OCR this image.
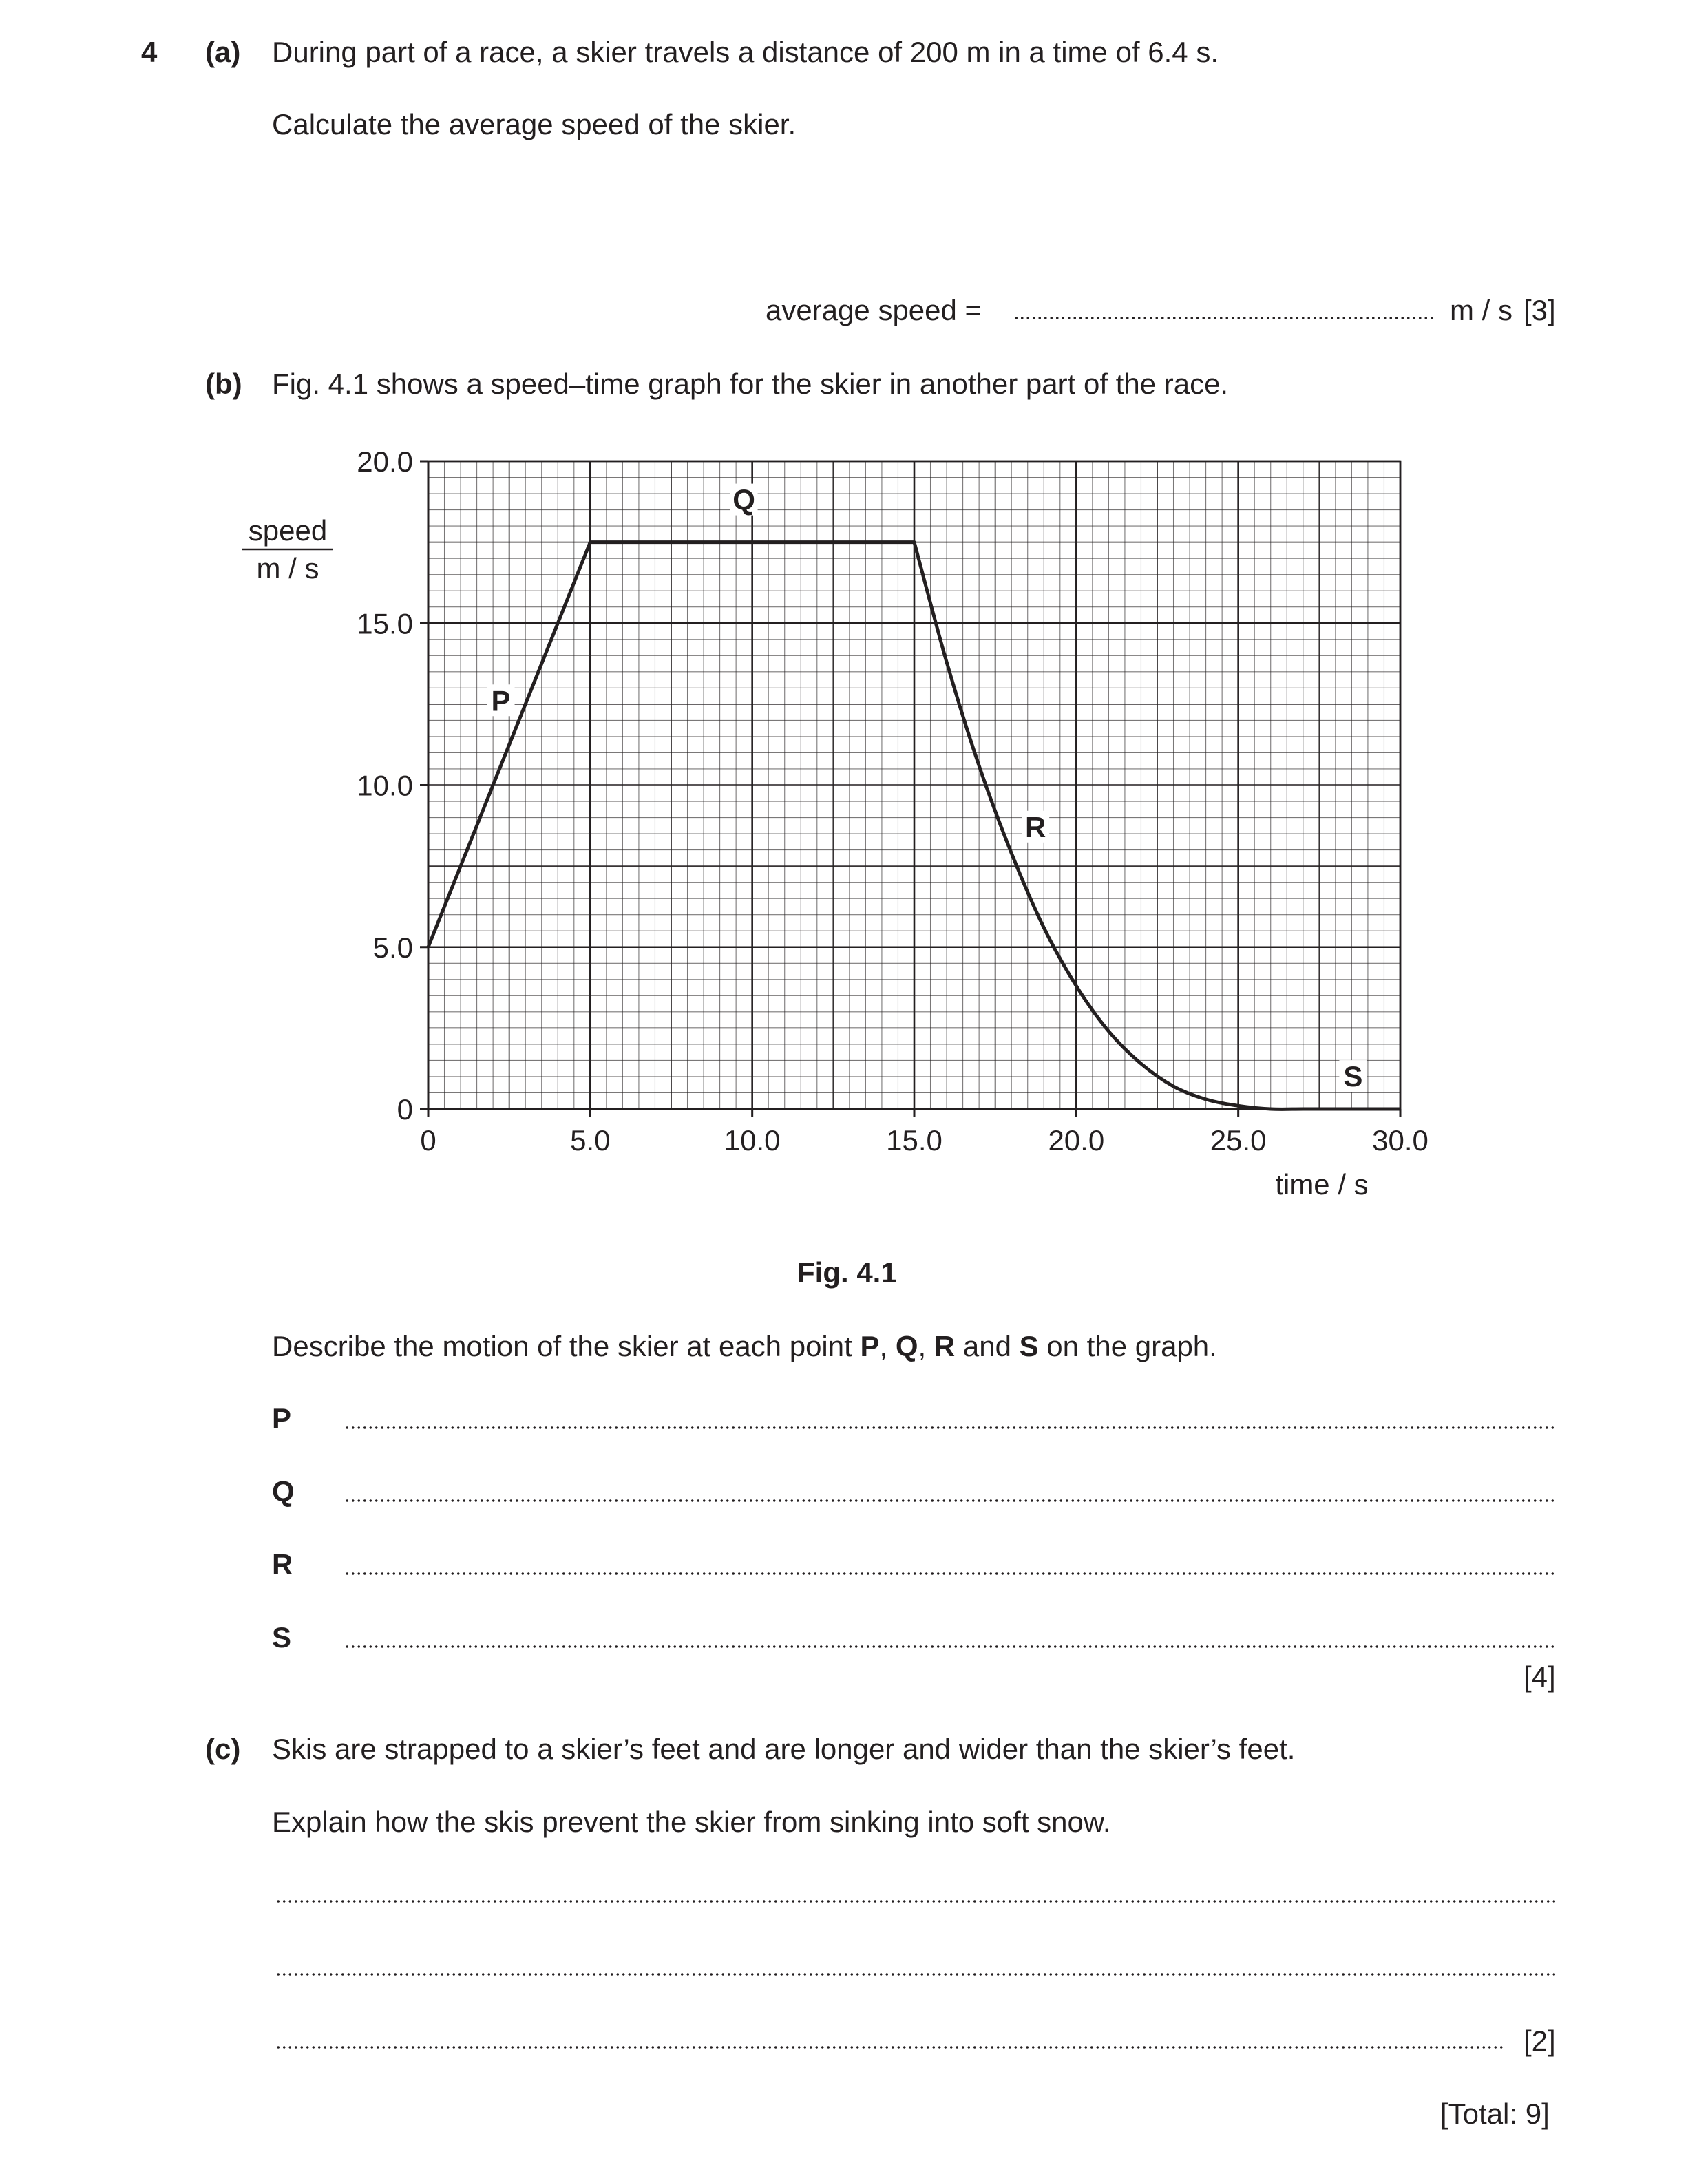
4 (a) During part of a race, a skier travels a distance of 200 m in a time of 6.4 s.
Calculate the average speed of the skier.
average speed =	m / s [3]
(b) Fig. 4.1 shows a speed–time graph for the skier in another part of the race.
0	5.0	10.0	15.0	20.0	25.0	30.0
0
5.0
10.0
15.0
20.0
P
Q
R
S
speed
m / s
time / s
Fig. 4.1
Describe the motion of the skier at each point P, Q, R and S on the graph.
P
Q
R
S
[4]
(c) Skis are strapped to a skier’s feet and are longer and wider than the skier’s feet.
Explain how the skis prevent the skier from sinking into soft snow.
[2]
[Total: 9]
